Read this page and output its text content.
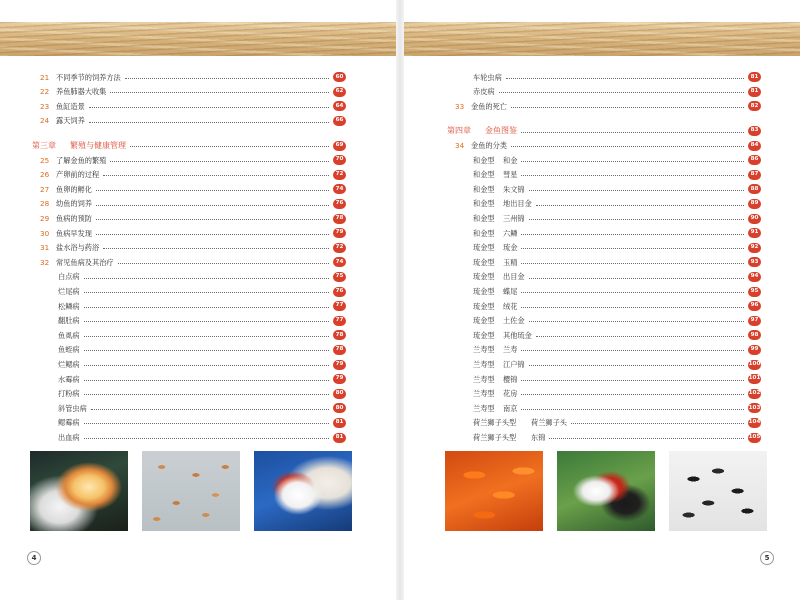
21 不同季节的饲养方法	60
22 养鱼肺器大收集	62
23 鱼缸造景	64
24 露天饲养	66
第三章	繁殖与健康管理	69
25 了解金鱼的繁殖	70
26 产卵前的过程	72
27 鱼卵的孵化	74
28 幼鱼的饲养	76
29 鱼病的预防	78
30 鱼病早发现	79
31 盐水浴与药浴	72
32 常见鱼病及其治疗	74
白点病	75
烂尾病	76
松鳞病	77
翻肚病	77
鱼虱病	78
鱼蛭病	78
烂鳃病	79
水霉病	79
打粉病	80
斜管虫病	80
鳃霉病	81
出血病	81
车轮虫病	81
赤皮病	81
33 金鱼的死亡	82
第四章	金鱼图鉴	83
34 金鱼的分类	84
和金型	和金	86
和金型	彗星	87
和金型	朱文锦	88
和金型	地出目金	89
和金型	三州锦	90
和金型	六鳞	91
琉金型	琉金	92
琉金型	玉精	93
琉金型	出目金	94
琉金型	蝶尾	95
琉金型	绒花	96
琉金型	土佐金	97
琉金型	其他琉金	98
兰寿型	兰寿	99
兰寿型	江户锦	100
兰寿型	樱锦	101
兰寿型	花房	102
兰寿型	南京	103
荷兰狮子头型	荷兰狮子头	104
荷兰狮子头型	东锦	105
4	5
